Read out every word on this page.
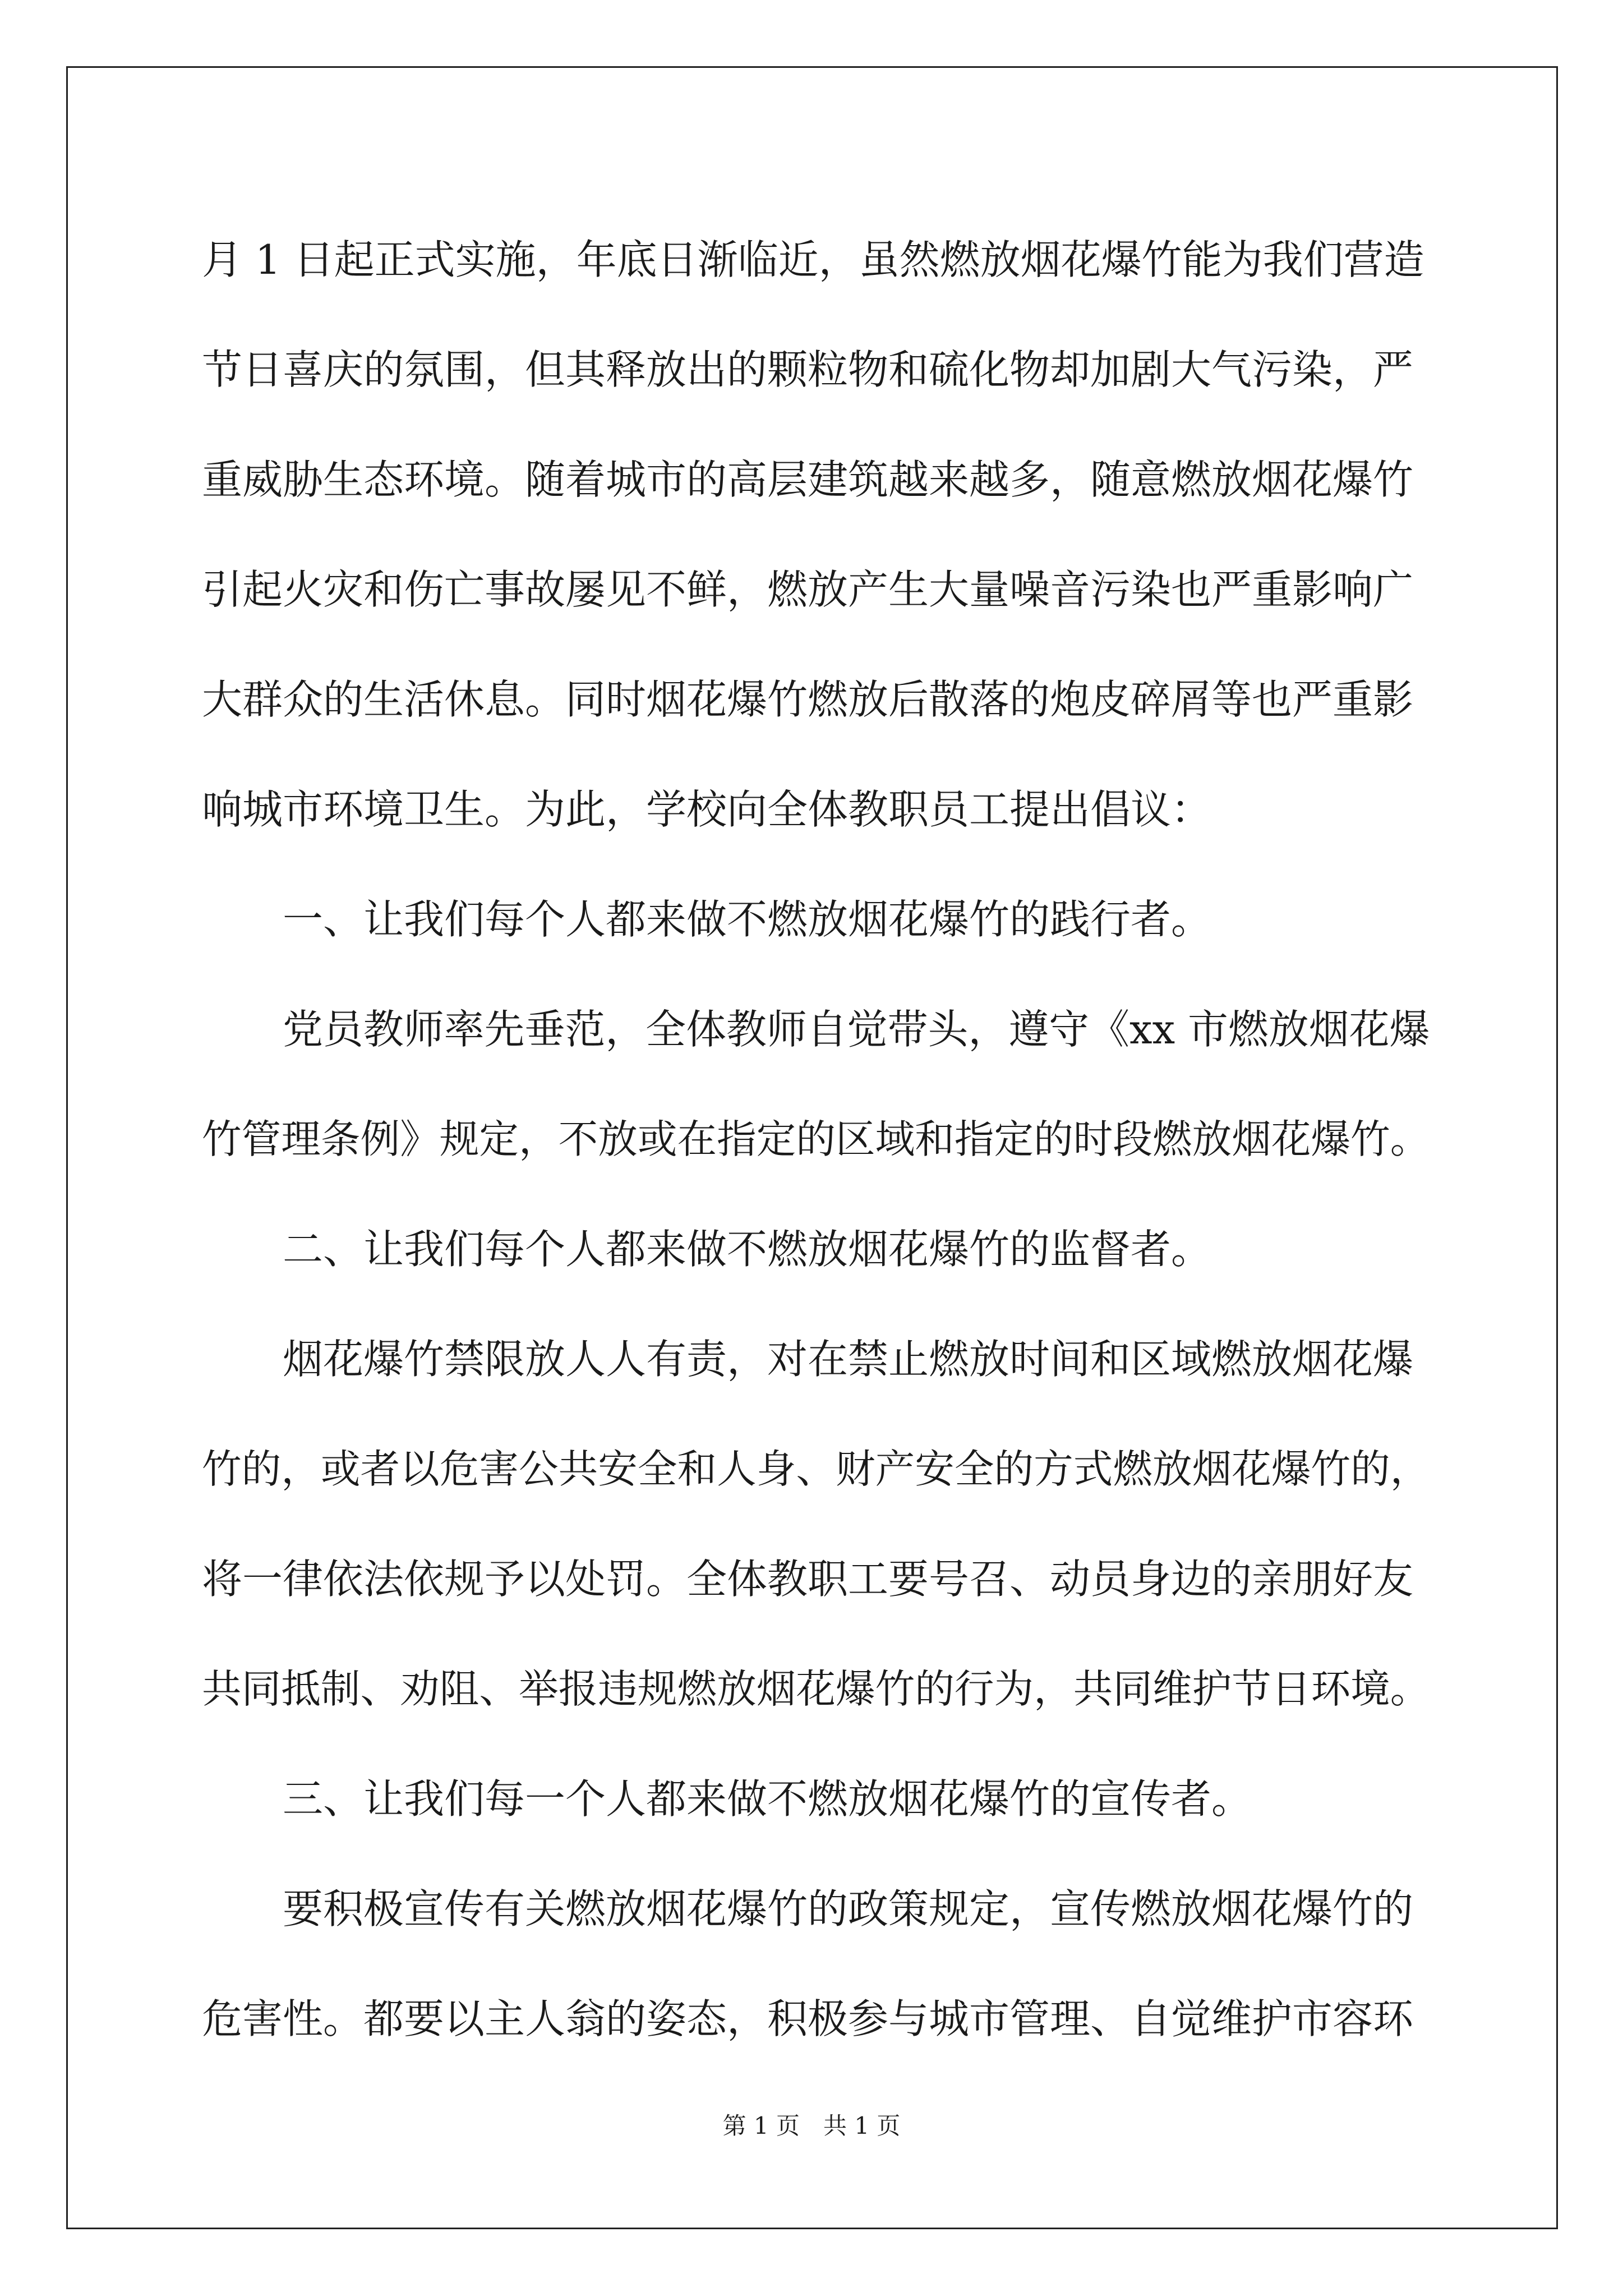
月 1 日起正式实施，年底日渐临近，虽然燃放烟花爆竹能为我们营造
节日喜庆的氛围，但其释放出的颗粒物和硫化物却加剧大气污染，严
重威胁生态环境。随着城市的高层建筑越来越多，随意燃放烟花爆竹
引起火灾和伤亡事故屡见不鲜，燃放产生大量噪音污染也严重影响广
大群众的生活休息。同时烟花爆竹燃放后散落的炮皮碎屑等也严重影
响城市环境卫生。为此，学校向全体教职员工提出倡议：
一、让我们每个人都来做不燃放烟花爆竹的践行者。
党员教师率先垂范，全体教师自觉带头，遵守《xx 市燃放烟花爆
竹管理条例》规定，不放或在指定的区域和指定的时段燃放烟花爆竹。
二、让我们每个人都来做不燃放烟花爆竹的监督者。
烟花爆竹禁限放人人有责，对在禁止燃放时间和区域燃放烟花爆
竹的，或者以危害公共安全和人身、财产安全的方式燃放烟花爆竹的，
将一律依法依规予以处罚。全体教职工要号召、动员身边的亲朋好友
共同抵制、劝阻、举报违规燃放烟花爆竹的行为，共同维护节日环境。
三、让我们每一个人都来做不燃放烟花爆竹的宣传者。
要积极宣传有关燃放烟花爆竹的政策规定，宣传燃放烟花爆竹的
危害性。都要以主人翁的姿态，积极参与城市管理、自觉维护市容环
第 1 页　共 1 页
